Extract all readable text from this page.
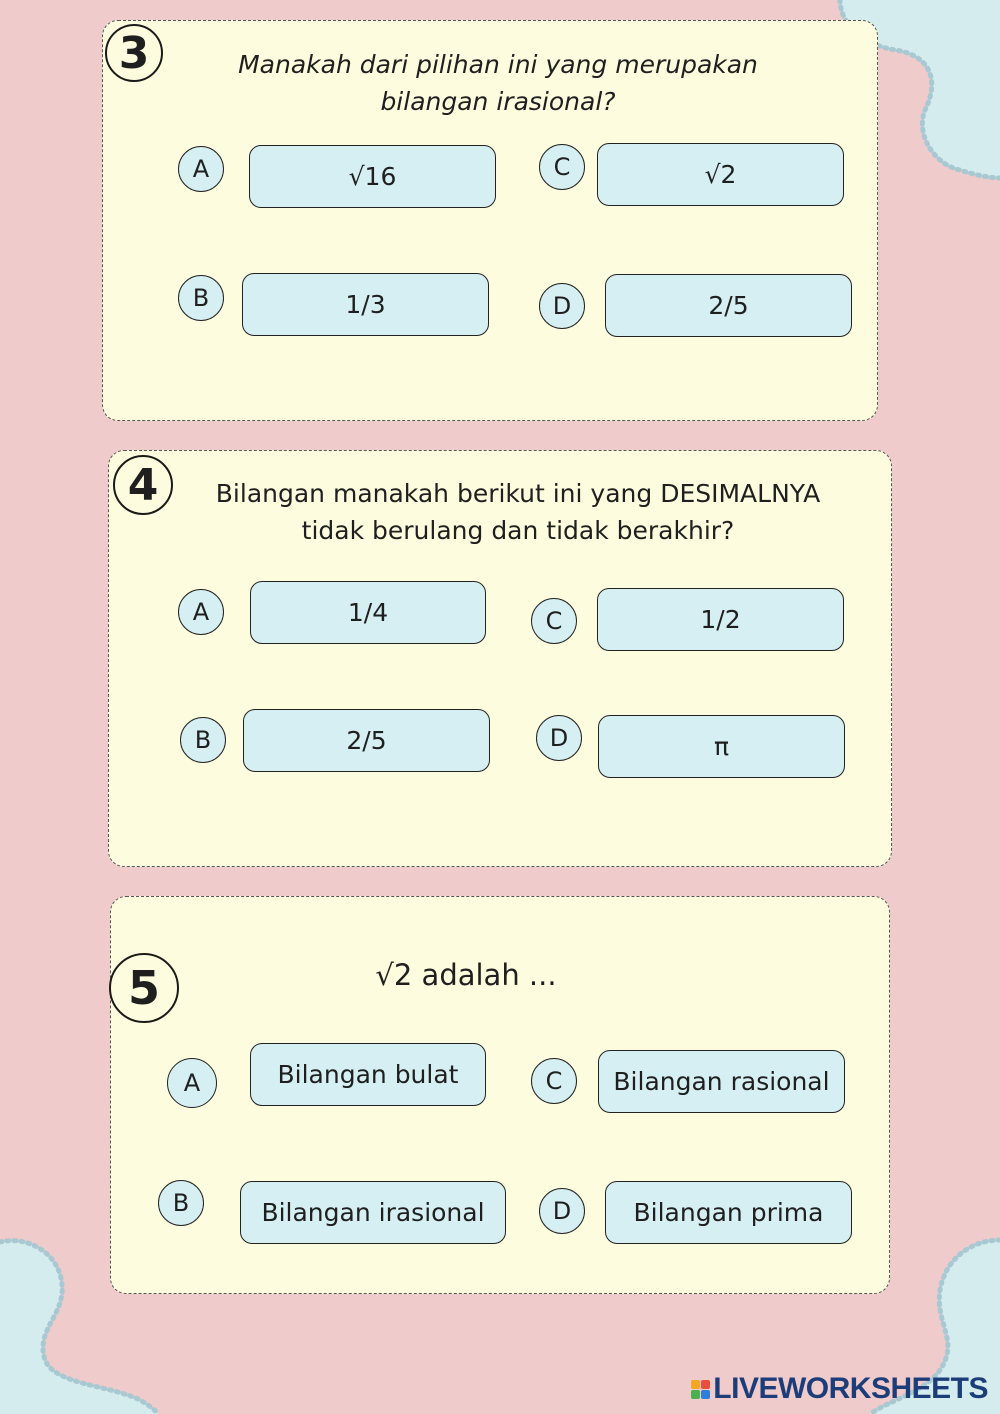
3	Manakah dari pilihan ini yang merupakan bilangan irasional?
A	√16	C	√2
B	1/3	D	2/5
4	Bilangan manakah berikut ini yang DESIMALNYA tidak berulang dan tidak berakhir?
A	1/4	C	1/2
B	2/5	D	π
5	√2 adalah ...
A	Bilangan bulat	C	Bilangan rasional
B	Bilangan irasional	D	Bilangan prima
LIVEWORKSHEETS
